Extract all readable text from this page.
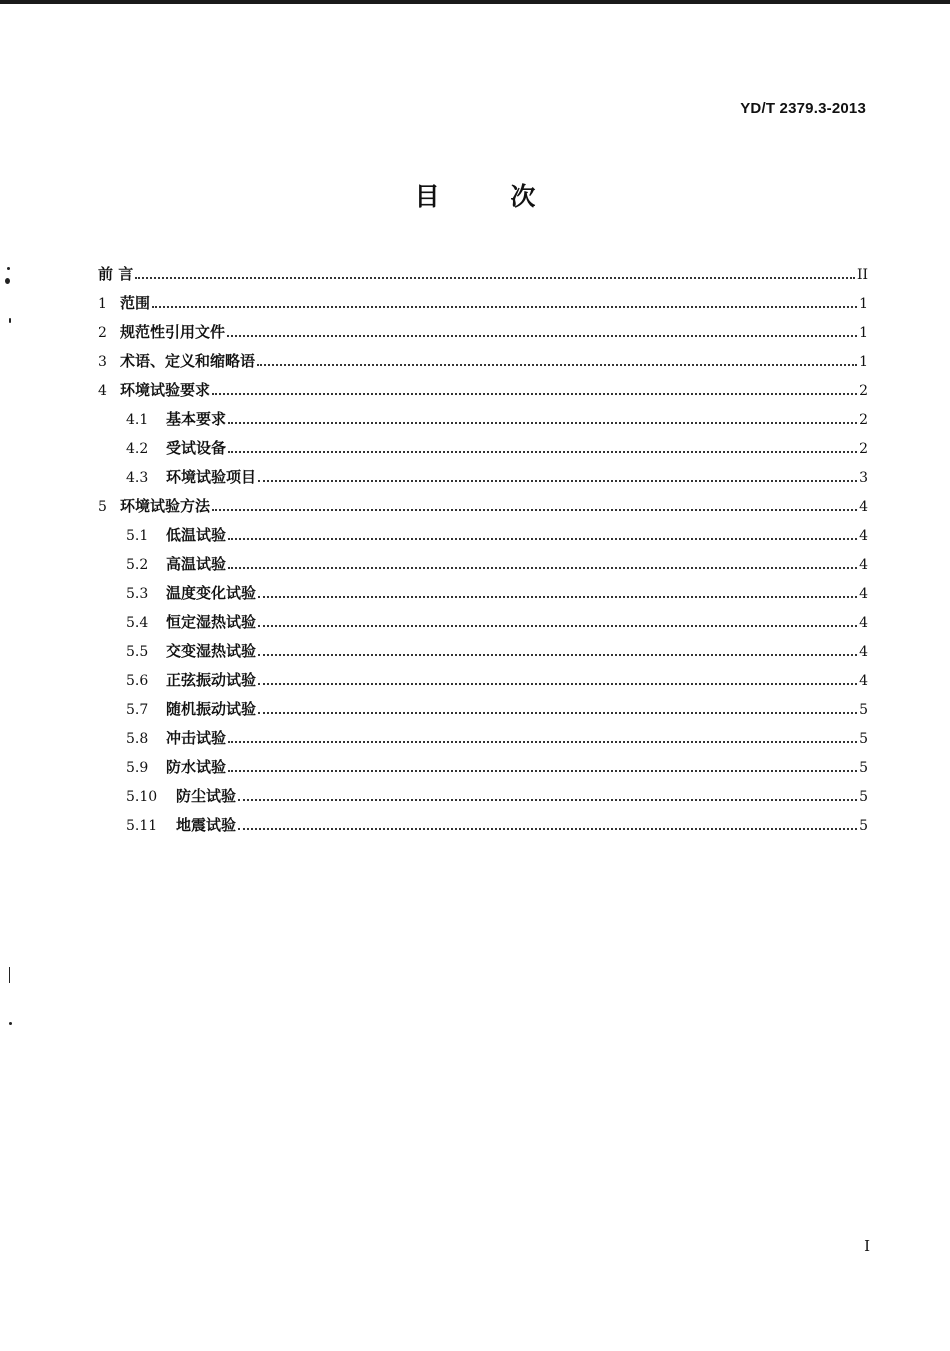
YD/T 2379.3-2013
目	次
前 言	II
1 范围	1
2 规范性引用文件	1
3 术语、定义和缩略语	1
4 环境试验要求	2
4.1	基本要求	2
4.2	受试设备	2
4.3	环境试验项目	3
5 环境试验方法	4
5.1	低温试验	4
5.2	高温试验	4
5.3	温度变化试验	4
5.4	恒定湿热试验	4
5.5	交变湿热试验	4
5.6	正弦振动试验	4
5.7	随机振动试验	5
5.8	冲击试验	5
5.9	防水试验	5
5.10	防尘试验	5
5.11	地震试验	5
I
